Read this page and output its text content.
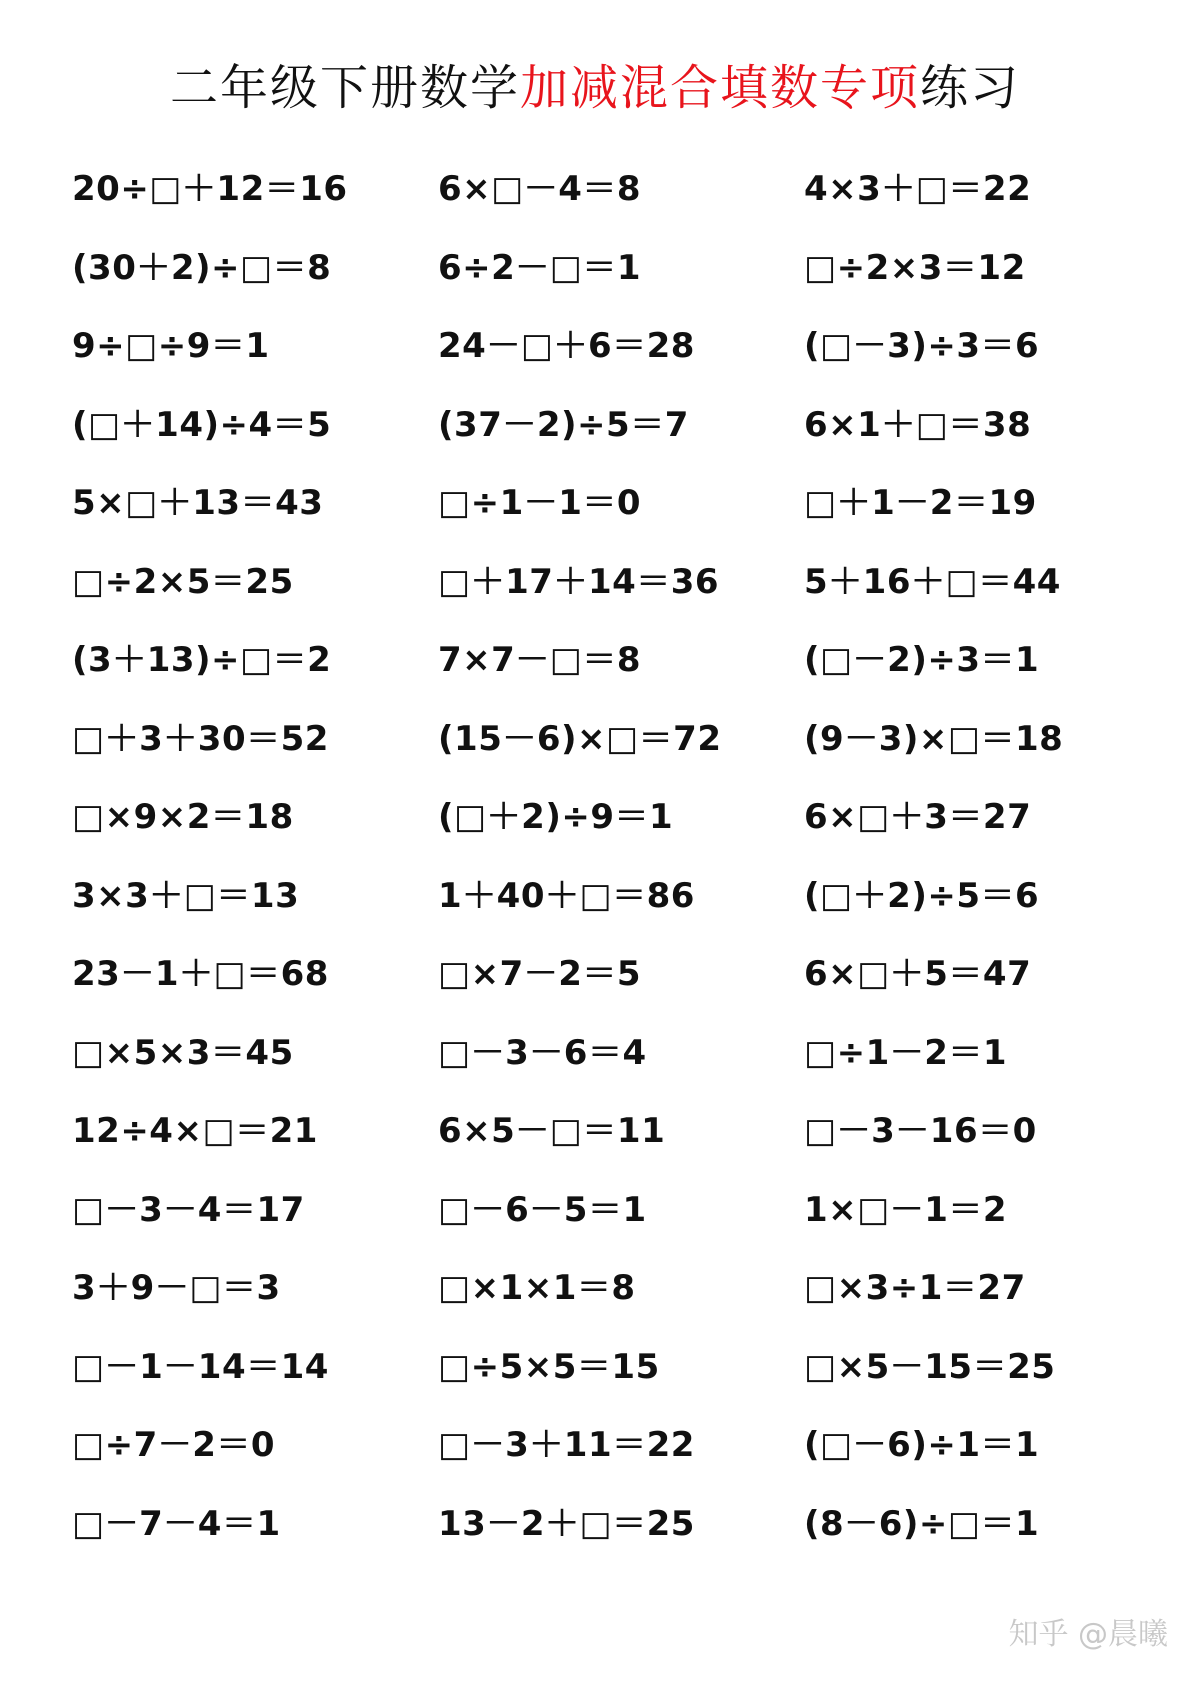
二年级下册数学加减混合填数专项练习
20÷□＋12＝16	6×□－4＝8	4×3＋□＝22
(30＋2)÷□＝8	6÷2－□＝1	□÷2×3＝12
9÷□÷9＝1	24－□＋6＝28	(□－3)÷3＝6
(□＋14)÷4＝5	(37－2)÷5＝7	6×1＋□＝38
5×□＋13＝43	□÷1－1＝0	□＋1－2＝19
□÷2×5＝25	□＋17＋14＝36	5＋16＋□＝44
(3＋13)÷□＝2	7×7－□＝8	(□－2)÷3＝1
□＋3＋30＝52	(15－6)×□＝72	(9－3)×□＝18
□×9×2＝18	(□＋2)÷9＝1	6×□＋3＝27
3×3＋□＝13	1＋40＋□＝86	(□＋2)÷5＝6
23－1＋□＝68	□×7－2＝5	6×□＋5＝47
□×5×3＝45	□－3－6＝4	□÷1－2＝1
12÷4×□＝21	6×5－□＝11	□－3－16＝0
□－3－4＝17	□－6－5＝1	1×□－1＝2
3＋9－□＝3	□×1×1＝8	□×3÷1＝27
□－1－14＝14	□÷5×5＝15	□×5－15＝25
□÷7－2＝0	□－3＋11＝22	(□－6)÷1＝1
□－7－4＝1	13－2＋□＝25	(8－6)÷□＝1
知乎 @晨曦
